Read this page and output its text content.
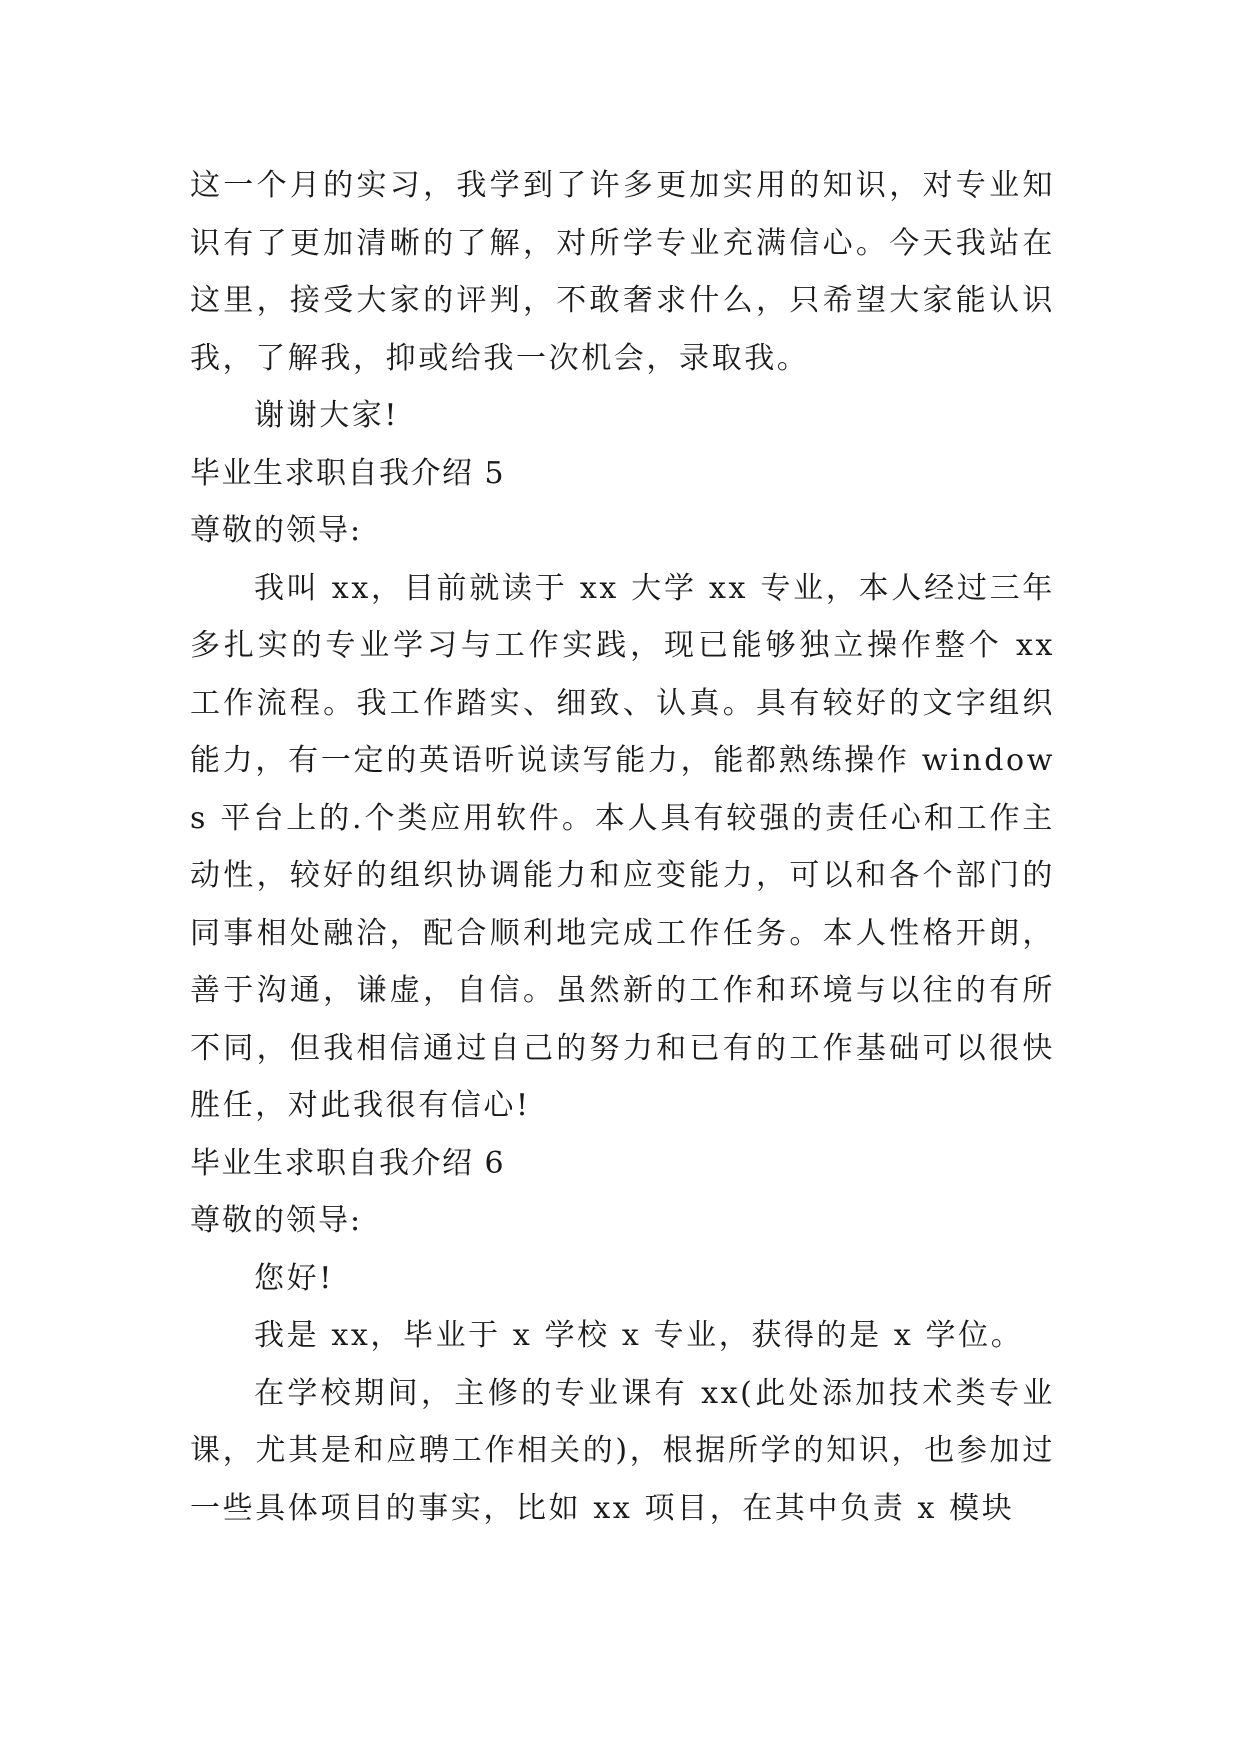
这一个月的实习，我学到了许多更加实用的知识，对专业知识有了更加清晰的了解，对所学专业充满信心。今天我站在这里，接受大家的评判，不敢奢求什么，只希望大家能认识我，了解我，抑或给我一次机会，录取我。

谢谢大家!

毕业生求职自我介绍 5

尊敬的领导:

我叫 xx，目前就读于 xx 大学 xx 专业，本人经过三年多扎实的专业学习与工作实践，现已能够独立操作整个 xx 工作流程。我工作踏实、细致、认真。具有较好的文字组织能力，有一定的英语听说读写能力，能都熟练操作 windows 平台上的.个类应用软件。本人具有较强的责任心和工作主动性，较好的组织协调能力和应变能力，可以和各个部门的同事相处融洽，配合顺利地完成工作任务。本人性格开朗，善于沟通，谦虚，自信。虽然新的工作和环境与以往的有所不同，但我相信通过自己的努力和已有的工作基础可以很快胜任，对此我很有信心!

毕业生求职自我介绍 6

尊敬的领导:

您好!

我是 xx，毕业于 x 学校 x 专业，获得的是 x 学位。

在学校期间，主修的专业课有 xx(此处添加技术类专业课，尤其是和应聘工作相关的)，根据所学的知识，也参加过一些具体项目的事实，比如 xx 项目，在其中负责 x 模块
